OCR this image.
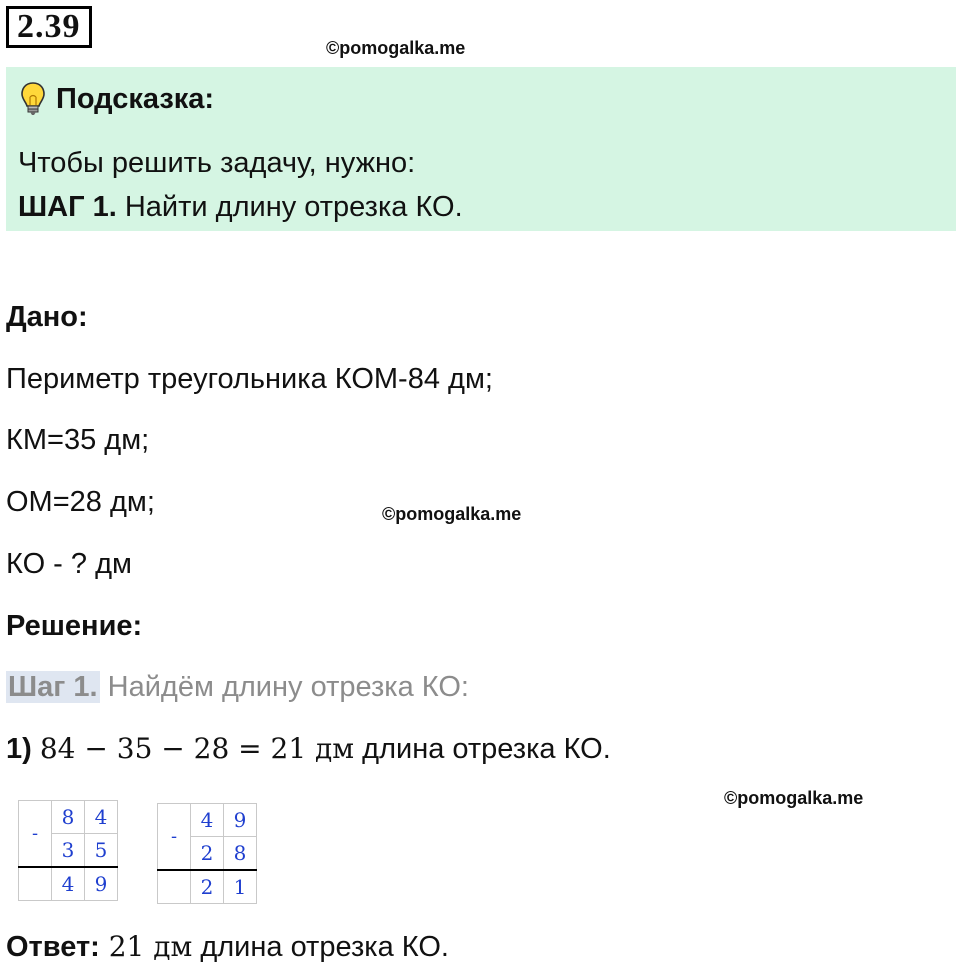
2.39
©pomogalka.me
Подсказка:
Чтобы решить задачу, нужно:
ШАГ 1. Найти длину отрезка КО.
Дано:
Периметр треугольника КОМ-84 дм;
КМ=35 дм;
ОМ=28 дм;	©pomogalka.me
КО - ? дм
Решение:
Шаг 1. Найдём длину отрезка КО:
1) 84 − 35 − 28 = 21 дм длина отрезка КО.
©pomogalka.me
-	8	4
	3	5
	4	9
-	4	9
	2	8
	2	1
Ответ: 21 дм длина отрезка КО.
